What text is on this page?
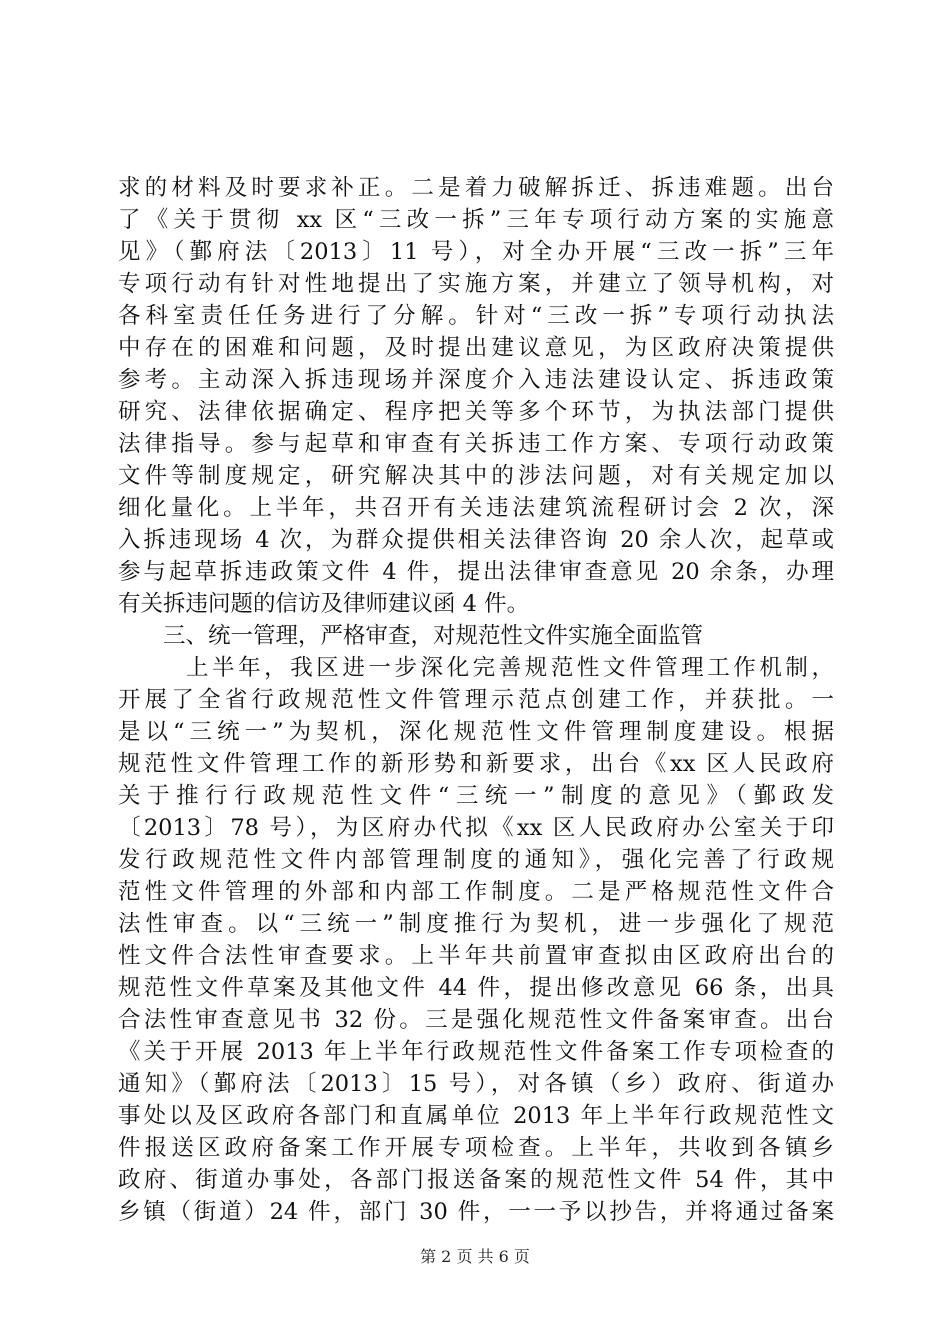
求的材料及时要求补正。二是着力破解拆迁、拆违难题。出台
了《关于贯彻 xx 区“三改一拆”三年专项行动方案的实施意
见》（鄞府法〔2013〕11 号），对全办开展“三改一拆”三年
专项行动有针对性地提出了实施方案，并建立了领导机构，对
各科室责任任务进行了分解。针对“三改一拆”专项行动执法
中存在的困难和问题，及时提出建议意见，为区政府决策提供
参考。主动深入拆违现场并深度介入违法建设认定、拆违政策
研究、法律依据确定、程序把关等多个环节，为执法部门提供
法律指导。参与起草和审查有关拆违工作方案、专项行动政策
文件等制度规定，研究解决其中的涉法问题，对有关规定加以
细化量化。上半年，共召开有关违法建筑流程研讨会 2 次，深
入拆违现场 4 次，为群众提供相关法律咨询 20 余人次，起草或
参与起草拆违政策文件 4 件，提出法律审查意见 20 余条，办理
有关拆违问题的信访及律师建议函 4 件。
三、统一管理，严格审查，对规范性文件实施全面监管
上半年，我区进一步深化完善规范性文件管理工作机制，
开展了全省行政规范性文件管理示范点创建工作，并获批。一
是以“三统一”为契机，深化规范性文件管理制度建设。根据
规范性文件管理工作的新形势和新要求，出台《xx 区人民政府
关于推行行政规范性文件“三统一”制度的意见》（鄞政发
〔2013〕78 号），为区府办代拟《xx 区人民政府办公室关于印
发行政规范性文件内部管理制度的通知》，强化完善了行政规
范性文件管理的外部和内部工作制度。二是严格规范性文件合
法性审查。以“三统一”制度推行为契机，进一步强化了规范
性文件合法性审查要求。上半年共前置审查拟由区政府出台的
规范性文件草案及其他文件 44 件，提出修改意见 66 条，出具
合法性审查意见书 32 份。三是强化规范性文件备案审查。出台
《关于开展 2013 年上半年行政规范性文件备案工作专项检查的
通知》（鄞府法〔2013〕15 号），对各镇（乡）政府、街道办
事处以及区政府各部门和直属单位 2013 年上半年行政规范性文
件报送区政府备案工作开展专项检查。上半年，共收到各镇乡
政府、街道办事处，各部门报送备案的规范性文件 54 件，其中
乡镇（街道）24 件，部门 30 件，一一予以抄告，并将通过备案
第 2 页 共 6 页
